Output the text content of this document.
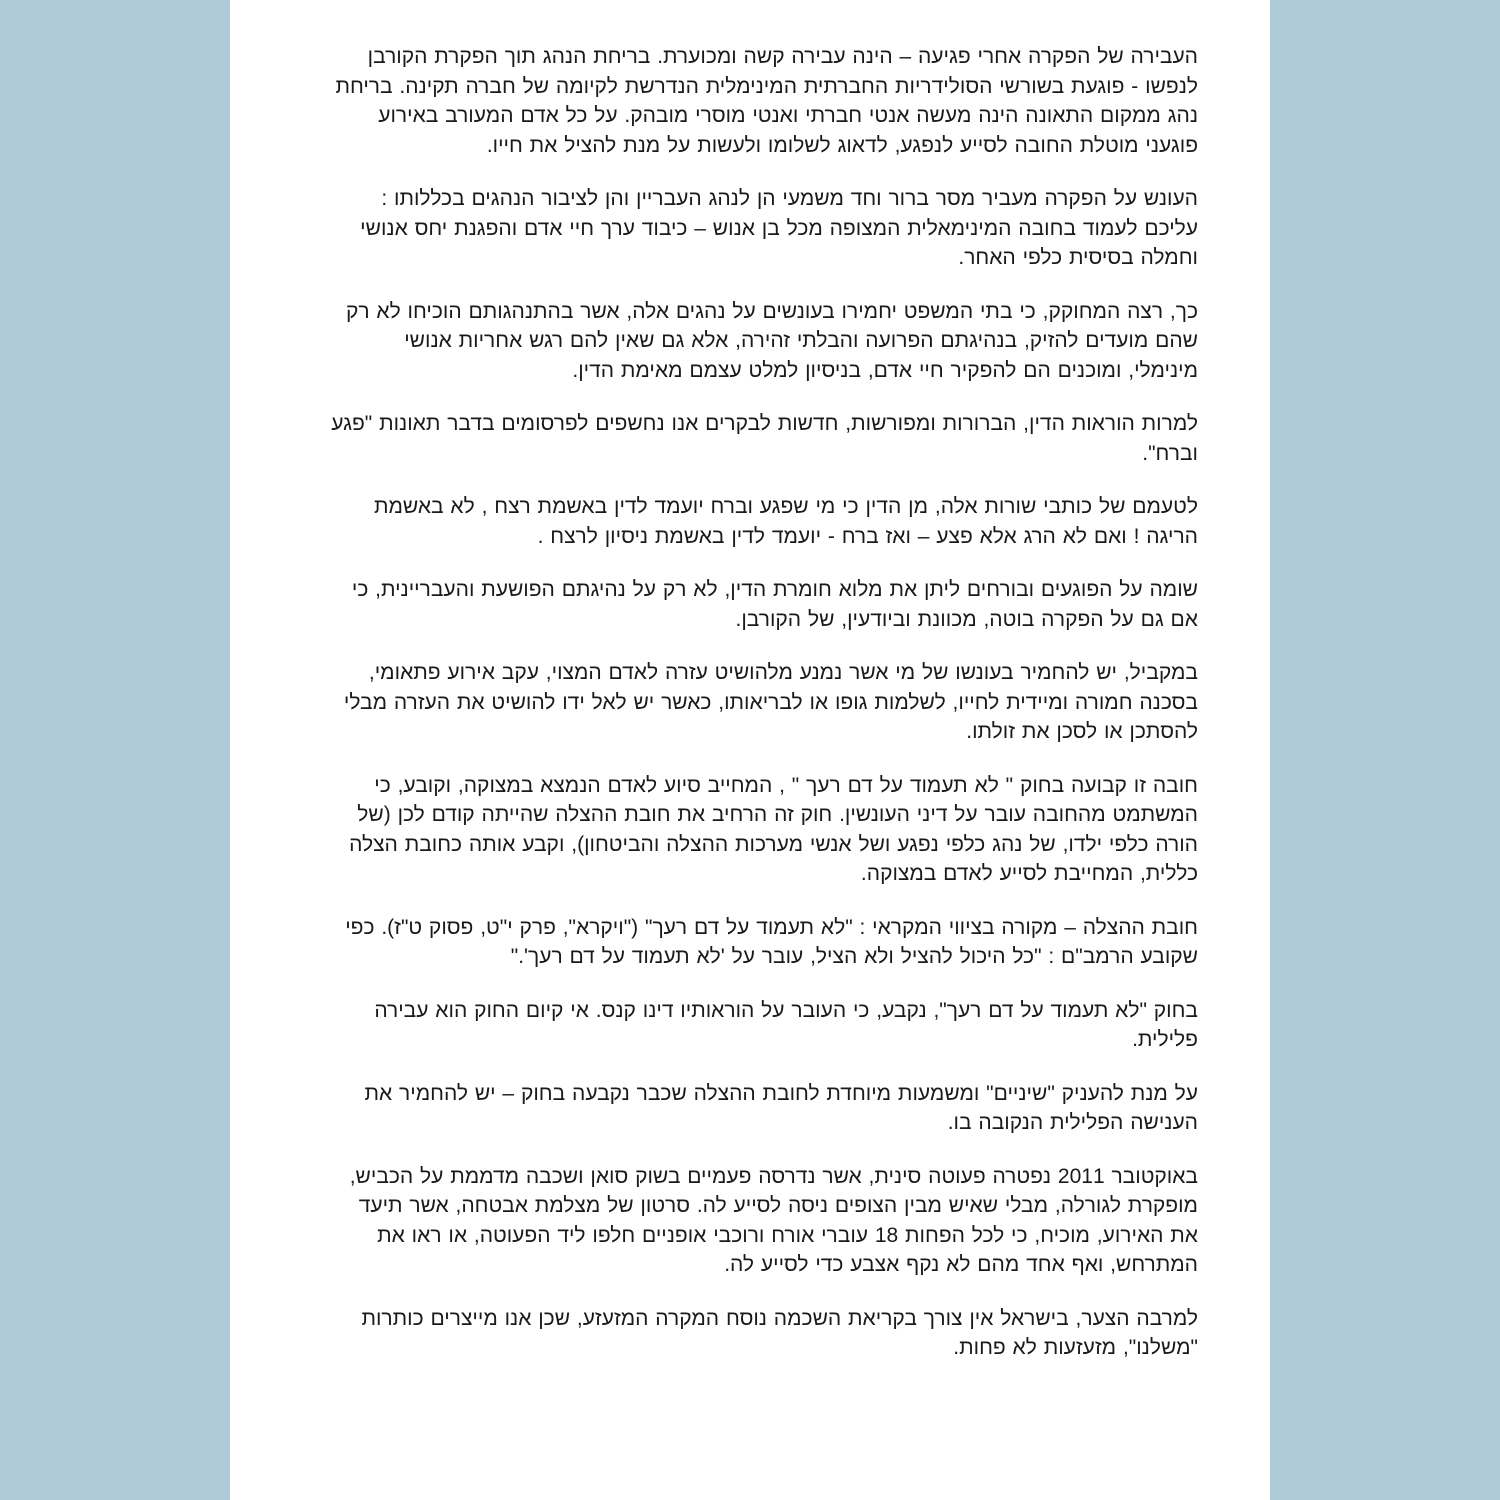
העבירה של הפקרה אחרי פגיעה – הינה עבירה קשה ומכוערת. בריחת הנהג תוך הפקרת הקורבן לנפשו - פוגעת בשורשי הסולידריות החברתית המינימלית הנדרשת לקיומה של חברה תקינה. בריחת נהג ממקום התאונה הינה מעשה אנטי חברתי ואנטי מוסרי מובהק. על כל אדם המעורב באירוע פוגעני מוטלת החובה לסייע לנפגע, לדאוג לשלומו ולעשות על מנת להציל את חייו.

העונש על הפקרה מעביר מסר ברור וחד משמעי הן לנהג העבריין והן לציבור הנהגים בכללותו : עליכם לעמוד בחובה המינימאלית המצופה מכל בן אנוש – כיבוד ערך חיי אדם והפגנת יחס אנושי וחמלה בסיסית כלפי האחר.

כך, רצה המחוקק, כי בתי המשפט יחמירו בעונשים על נהגים אלה, אשר בהתנהגותם הוכיחו לא רק שהם מועדים להזיק, בנהיגתם הפרועה והבלתי זהירה, אלא גם שאין להם רגש אחריות אנושי מינימלי, ומוכנים הם להפקיר חיי אדם, בניסיון למלט עצמם מאימת הדין.

למרות הוראות הדין, הברורות ומפורשות, חדשות לבקרים אנו נחשפים לפרסומים בדבר תאונות "פגע וברח".

לטעמם של כותבי שורות אלה, מן הדין כי מי שפגע וברח יועמד לדין באשמת רצח , לא באשמת הריגה ! ואם לא הרג אלא פצע – ואז ברח - יועמד לדין באשמת ניסיון לרצח .

שומה על הפוגעים ובורחים ליתן את מלוא חומרת הדין, לא רק על נהיגתם הפושעת והעבריינית, כי אם גם על הפקרה בוטה, מכוונת וביודעין, של הקורבן.

במקביל, יש להחמיר בעונשו של מי אשר נמנע מלהושיט עזרה לאדם המצוי, עקב אירוע פתאומי, בסכנה חמורה ומיידית לחייו, לשלמות גופו או לבריאותו, כאשר יש לאל ידו להושיט את העזרה מבלי להסתכן או לסכן את זולתו.

חובה זו קבועה בחוק " לא תעמוד על דם רעך " , המחייב סיוע לאדם הנמצא במצוקה, וקובע, כי המשתמט מהחובה עובר על דיני העונשין. חוק זה הרחיב את חובת ההצלה שהייתה קודם לכן (של הורה כלפי ילדו, של נהג כלפי נפגע ושל אנשי מערכות ההצלה והביטחון), וקבע אותה כחובת הצלה כללית, המחייבת לסייע לאדם במצוקה.

חובת ההצלה – מקורה בציווי המקראי : "לא תעמוד על דם רעך" ("ויקרא", פרק י"ט, פסוק ט"ז). כפי שקובע הרמב"ם : "כל היכול להציל ולא הציל, עובר על 'לא תעמוד על דם רעך'."

בחוק "לא תעמוד על דם רעך", נקבע, כי העובר על הוראותיו דינו קנס. אי קיום החוק הוא עבירה פלילית.

על מנת להעניק "שיניים" ומשמעות מיוחדת לחובת ההצלה שכבר נקבעה בחוק – יש להחמיר את הענישה הפלילית הנקובה בו.

באוקטובר 2011 נפטרה פעוטה סינית, אשר נדרסה פעמיים בשוק סואן ושכבה מדממת על הכביש, מופקרת לגורלה, מבלי שאיש מבין הצופים ניסה לסייע לה. סרטון של מצלמת אבטחה, אשר תיעד את האירוע, מוכיח, כי לכל הפחות 18 עוברי אורח ורוכבי אופניים חלפו ליד הפעוטה, או ראו את המתרחש, ואף אחד מהם לא נקף אצבע כדי לסייע לה.

למרבה הצער, בישראל אין צורך בקריאת השכמה נוסח המקרה המזעזע, שכן אנו מייצרים כותרות "משלנו", מזעזעות לא פחות.
